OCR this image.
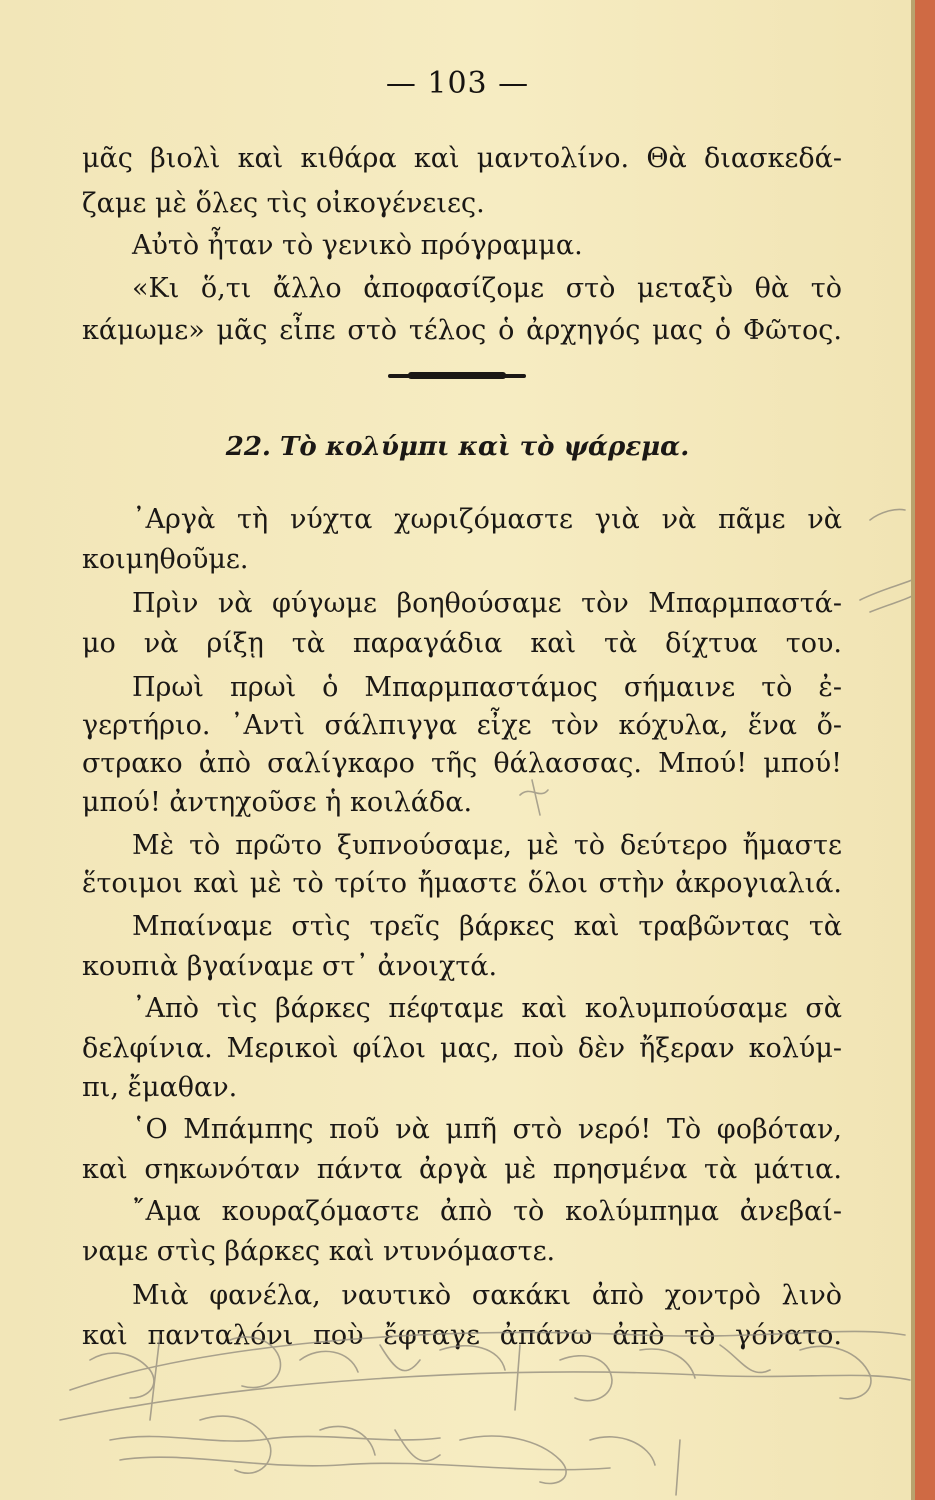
— 103 —
μᾶς βιολὶ καὶ κιθάρα καὶ μαντολίνο. Θὰ διασκεδά-
ζαμε μὲ ὅλες τὶς οἰκογένειες.
Αὐτὸ ἦταν τὸ γενικὸ πρόγραμμα.
«Κι ὅ,τι ἄλλο ἀποφασίζομε στὸ μεταξὺ θὰ τὸ
κάμωμε» μᾶς εἶπε στὸ τέλος ὁ ἀρχηγός μας ὁ Φῶτος.
22. Τὸ κολύμπι καὶ τὸ ψάρεμα.
᾿Αργὰ τὴ νύχτα χωριζόμαστε γιὰ νὰ πᾶμε νὰ
κοιμηθοῦμε.
Πρὶν νὰ φύγωμε βοηθούσαμε τὸν Μπαρμπαστά-
μο νὰ ρίξῃ τὰ παραγάδια καὶ τὰ δίχτυα του.
Πρωὶ πρωὶ ὁ Μπαρμπαστάμος σήμαινε τὸ ἐ-
γερτήριο. ᾿Αντὶ σάλπιγγα εἶχε τὸν κόχυλα, ἕνα ὄ-
στρακο ἀπὸ σαλίγκαρο τῆς θάλασσας. Μπού! μπού!
μπού! ἀντηχοῦσε ἡ κοιλάδα.
Μὲ τὸ πρῶτο ξυπνούσαμε, μὲ τὸ δεύτερο ἤμαστε
ἕτοιμοι καὶ μὲ τὸ τρίτο ἤμαστε ὅλοι στὴν ἀκρογιαλιά.
Μπαίναμε στὶς τρεῖς βάρκες καὶ τραβῶντας τὰ
κουπιὰ βγαίναμε στ᾿ ἀνοιχτά.
᾿Απὸ τὶς βάρκες πέφταμε καὶ κολυμπούσαμε σὰ
δελφίνια. Μερικοὶ φίλοι μας, ποὺ δὲν ἤξεραν κολύμ-
πι, ἔμαθαν.
῾Ο Μπάμπης ποῦ νὰ μπῆ στὸ νερό! Τὸ φοβόταν,
καὶ σηκωνόταν πάντα ἀργὰ μὲ πρησμένα τὰ μάτια.
῎Αμα κουραζόμαστε ἀπὸ τὸ κολύμπημα ἀνεβαί-
ναμε στὶς βάρκες καὶ ντυνόμαστε.
Μιὰ φανέλα, ναυτικὸ σακάκι ἀπὸ χοντρὸ λινὸ
καὶ πανταλόνι ποὺ ἔφταγε ἀπάνω ἀπὸ τὸ γόνατο.
